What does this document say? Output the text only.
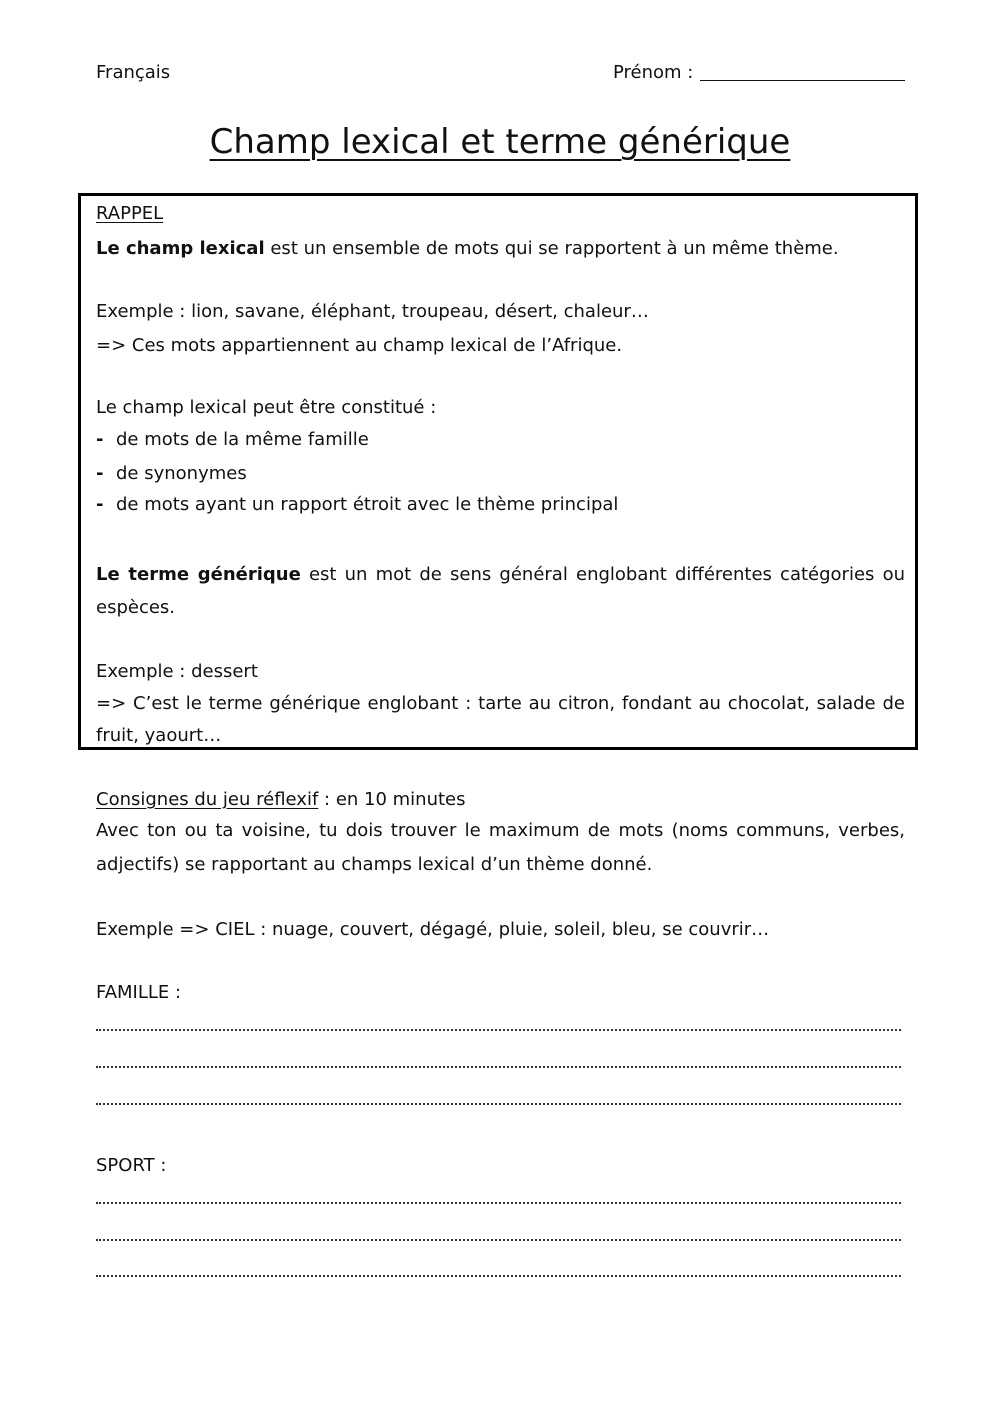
Français	Prénom :
Champ lexical et terme générique
RAPPEL
Le champ lexical est un ensemble de mots qui se rapportent à un même thème.
Exemple : lion, savane, éléphant, troupeau, désert, chaleur…
=> Ces mots appartiennent au champ lexical de l’Afrique.
Le champ lexical peut être constitué :
- de mots de la même famille
- de synonymes
- de mots ayant un rapport étroit avec le thème principal
Le terme générique est un mot de sens général englobant différentes catégories ou
espèces.
Exemple : dessert
=> C’est le terme générique englobant : tarte au citron, fondant au chocolat, salade de
fruit, yaourt…
Consignes du jeu réflexif : en 10 minutes
Avec ton ou ta voisine, tu dois trouver le maximum de mots (noms communs, verbes,
adjectifs) se rapportant au champs lexical d’un thème donné.
Exemple => CIEL : nuage, couvert, dégagé, pluie, soleil, bleu, se couvrir…
FAMILLE :
SPORT :
